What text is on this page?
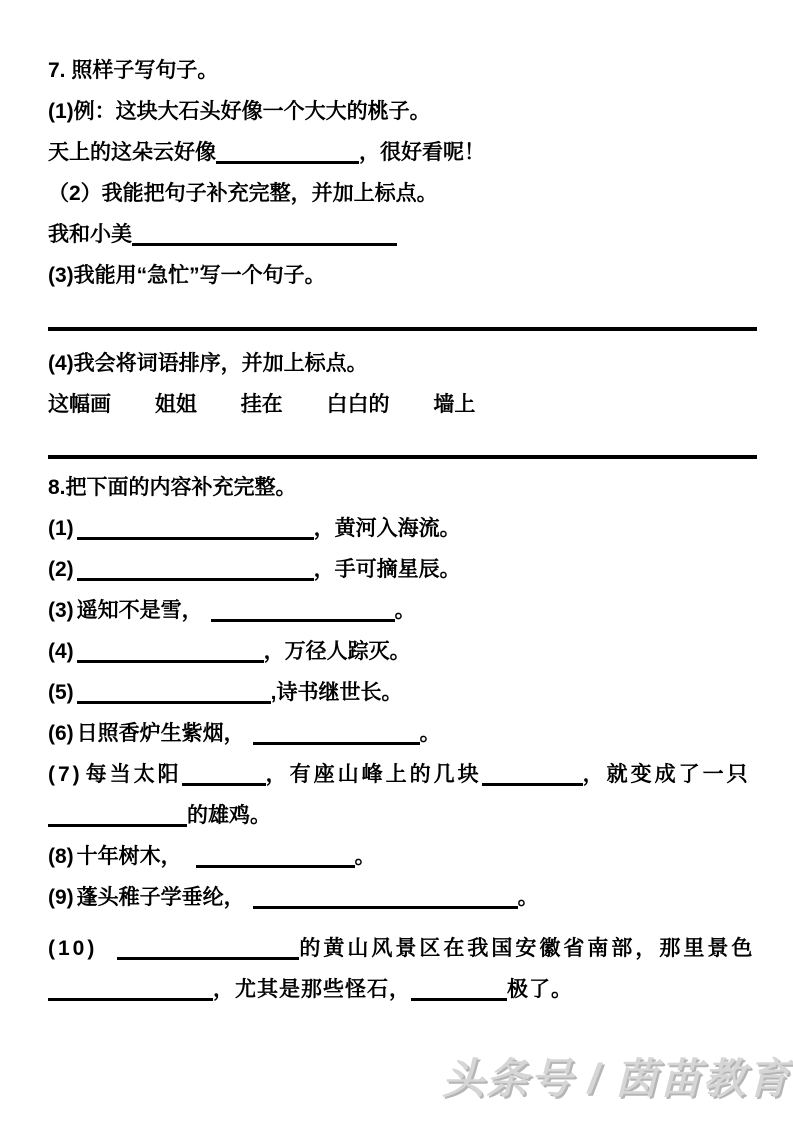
7. 照样子写句子。
(1)例：这块大石头好像一个大大的桃子。
天上的这朵云好像	，很好看呢！
（2）我能把句子补充完整，并加上标点。
我和小美
(3)我能用“急忙”写一个句子。
(4)我会将词语排序，并加上标点。
这幅画 姐姐 挂在 白白的 墙上
8.把下面的内容补充完整。
(1)	，黄河入海流。
(2)	，手可摘星辰。
(3) 遥知不是雪，	。
(4)	，万径人踪灭。
(5)	,诗书继世长。
(6) 日照香炉生紫烟，	。
(7) 每当太阳	，有座山峰上的几块	，就变成了一只
的雄鸡。
(8) 十年树木，	。
(9) 蓬头稚子学垂纶，	。
(10)	的黄山风景区在我国安徽省南部，那里景色
，尤其是那些怪石，	极了。
头条号 / 茵苗教育
